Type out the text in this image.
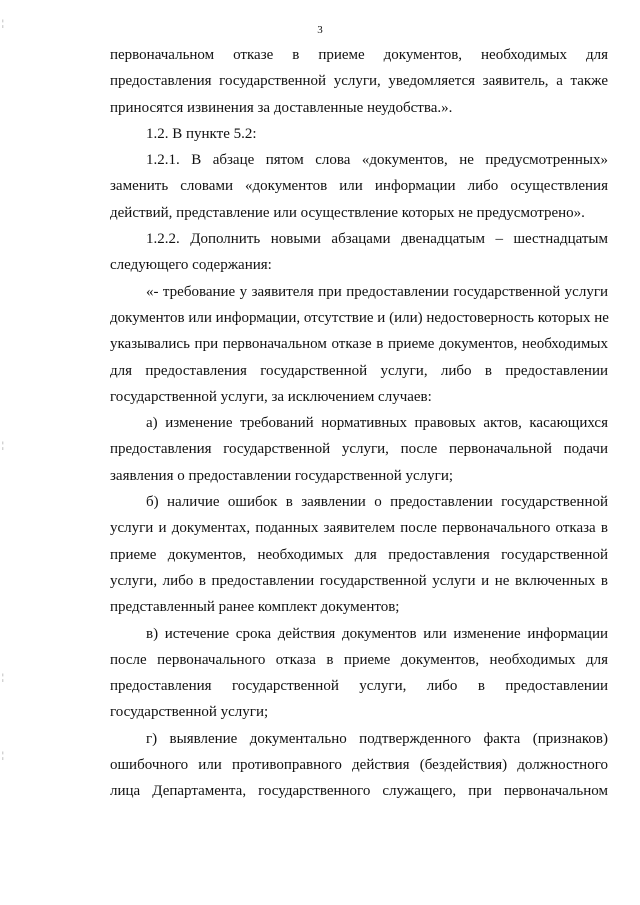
3
¦
¦
¦
¦
первоначальном отказе в приеме документов, необходимых для
предоставления государственной услуги, уведомляется заявитель, а также
приносятся извинения за доставленные неудобства.».
1.2. В пункте 5.2:
1.2.1. В абзаце пятом слова «документов, не предусмотренных»
заменить словами «документов или информации либо осуществления
действий, представление или осуществление которых не предусмотрено».
1.2.2. Дополнить новыми абзацами двенадцатым – шестнадцатым
следующего содержания:
«- требование у заявителя при предоставлении государственной услуги
документов или информации, отсутствие и (или) недостоверность которых не
указывались при первоначальном отказе в приеме документов, необходимых
для предоставления государственной услуги, либо в предоставлении
государственной услуги, за исключением случаев:
а) изменение требований нормативных правовых актов, касающихся
предоставления государственной услуги, после первоначальной подачи
заявления о предоставлении государственной услуги;
б) наличие ошибок в заявлении о предоставлении государственной
услуги и документах, поданных заявителем после первоначального отказа в
приеме документов, необходимых для предоставления государственной
услуги, либо в предоставлении государственной услуги и не включенных в
представленный ранее комплект документов;
в) истечение срока действия документов или изменение информации
после первоначального отказа в приеме документов, необходимых для
предоставления государственной услуги, либо в предоставлении
государственной услуги;
г) выявление документально подтвержденного факта (признаков)
ошибочного или противоправного действия (бездействия) должностного
лица Департамента, государственного служащего, при первоначальном
